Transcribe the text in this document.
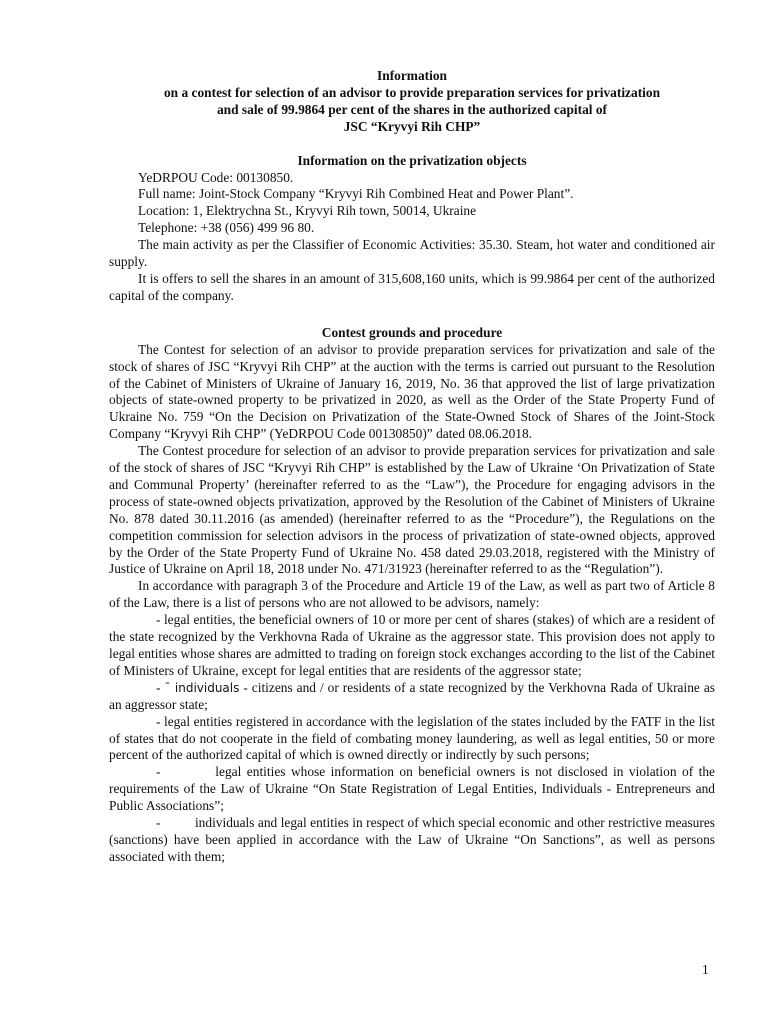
Information
on a contest for selection of an advisor to provide preparation services for privatization
and sale of 99.9864 per cent of the shares in the authorized capital of
JSC “Kryvyi Rih CHP”
Information on the privatization objects
YeDRPOU Code: 00130850.
Full name: Joint-Stock Company “Kryvyi Rih Combined Heat and Power Plant”.
Location: 1, Elektrychna St., Kryvyi Rih town, 50014, Ukraine
Telephone: +38 (056) 499 96 80.

The main activity as per the Classifier of Economic Activities: 35.30. Steam, hot water and conditioned air supply.

It is offers to sell the shares in an amount of 315,608,160 units, which is 99.9864 per cent of the authorized capital of the company.

Contest grounds and procedure

The Contest for selection of an advisor to provide preparation services for privatization and sale of the stock of shares of JSC “Kryvyi Rih CHP” at the auction with the terms is carried out pursuant to the Resolution of the Cabinet of Ministers of Ukraine of January 16, 2019, No. 36 that approved the list of large privatization objects of state-owned property to be privatized in 2020, as well as the Order of the State Property Fund of Ukraine No. 759 “On the Decision on Privatization of the State-Owned Stock of Shares of the Joint-Stock Company “Kryvyi Rih CHP” (YeDRPOU Code 00130850)” dated 08.06.2018.

The Contest procedure for selection of an advisor to provide preparation services for privatization and sale of the stock of shares of JSC “Kryvyi Rih CHP” is established by the Law of Ukraine ‘On Privatization of State and Communal Property’ (hereinafter referred to as the “Law”), the Procedure for engaging advisors in the process of state-owned objects privatization, approved by the Resolution of the Cabinet of Ministers of Ukraine No. 878 dated 30.11.2016 (as amended) (hereinafter referred to as the “Procedure”), the Regulations on the competition commission for selection advisors in the process of privatization of state-owned objects, approved by the Order of the State Property Fund of Ukraine No. 458 dated 29.03.2018, registered with the Ministry of Justice of Ukraine on April 18, 2018 under No. 471/31923 (hereinafter referred to as the “Regulation”).

In accordance with paragraph 3 of the Procedure and Article 19 of the Law, as well as part two of Article 8 of the Law, there is a list of persons who are not allowed to be advisors, namely:

- legal entities, the beneficial owners of 10 or more per cent of shares (stakes) of which are a resident of the state recognized by the Verkhovna Rada of Ukraine as the aggressor state. This provision does not apply to legal entities whose shares are admitted to trading on foreign stock exchanges according to the list of the Cabinet of Ministers of Ukraine, except for legal entities that are residents of the aggressor state;

- ¯ individuals - citizens and / or residents of a state recognized by the Verkhovna Rada of Ukraine as an aggressor state;

- legal entities registered in accordance with the legislation of the states included by the FATF in the list of states that do not cooperate in the field of combating money laundering, as well as legal entities, 50 or more percent of the authorized capital of which is owned directly or indirectly by such persons;

-          legal entities whose information on beneficial owners is not disclosed in violation of the requirements of the Law of Ukraine “On State Registration of Legal Entities, Individuals - Entrepreneurs and Public Associations”;

-          individuals and legal entities in respect of which special economic and other restrictive measures (sanctions) have been applied in accordance with the Law of Ukraine “On Sanctions”, as well as persons associated with them;

1
